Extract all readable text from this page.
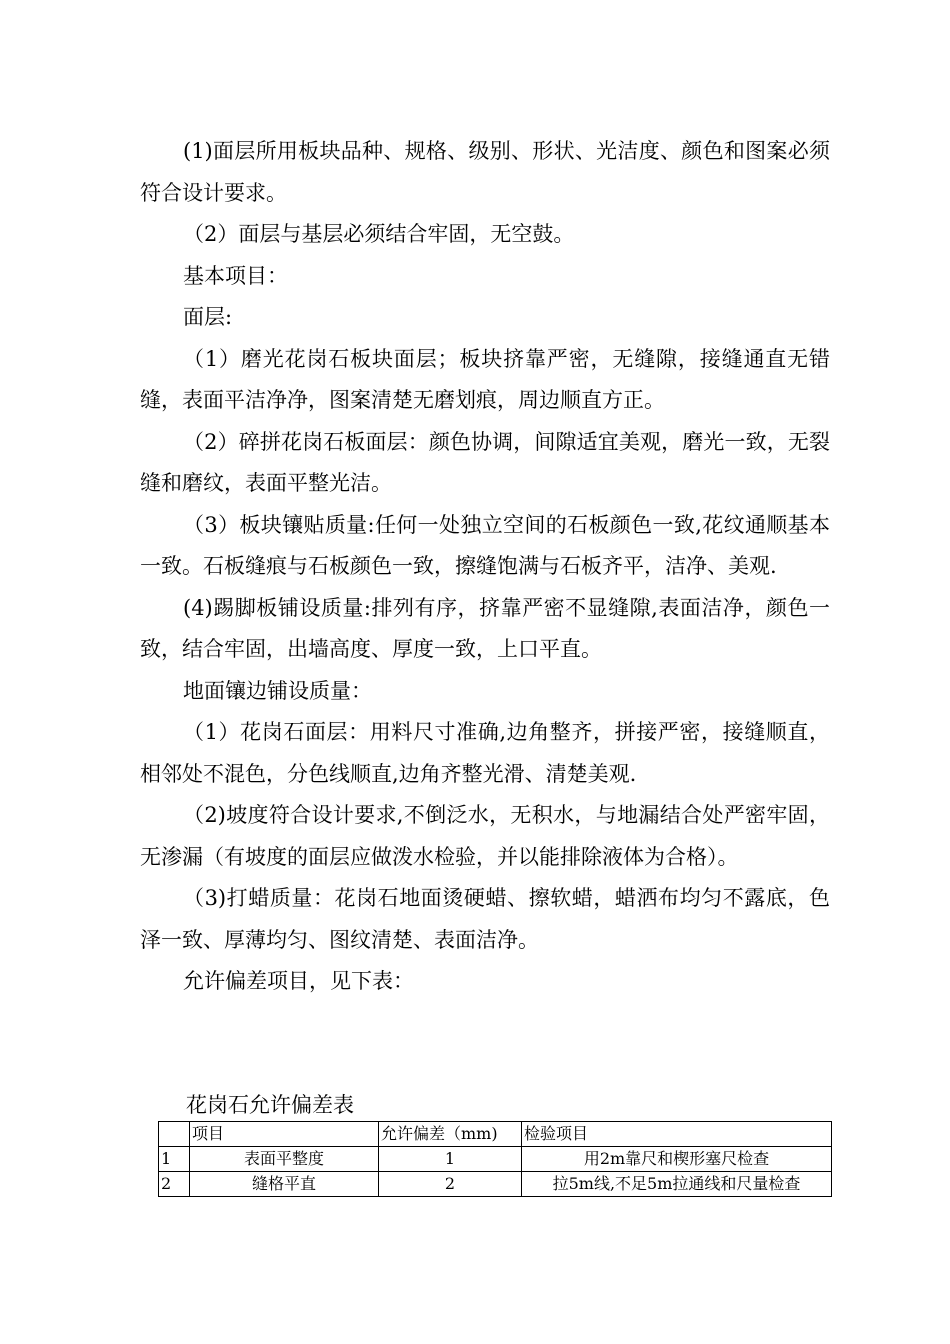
(1)面层所用板块品种、规格、级别、形状、光洁度、颜色和图案必须符合设计要求。

（2）面层与基层必须结合牢固，无空鼓。

基本项目：

面层:

（1）磨光花岗石板块面层；板块挤靠严密，无缝隙，接缝通直无错缝，表面平洁净净，图案清楚无磨划痕，周边顺直方正。

（2）碎拼花岗石板面层：颜色协调，间隙适宜美观，磨光一致，无裂缝和磨纹，表面平整光洁。

（3）板块镶贴质量:任何一处独立空间的石板颜色一致,花纹通顺基本一致。石板缝痕与石板颜色一致，擦缝饱满与石板齐平，洁净、美观.

(4)踢脚板铺设质量:排列有序，挤靠严密不显缝隙,表面洁净，颜色一致，结合牢固，出墙高度、厚度一致，上口平直。

地面镶边铺设质量：

（1）花岗石面层：用料尺寸准确,边角整齐，拼接严密，接缝顺直，相邻处不混色，分色线顺直,边角齐整光滑、清楚美观.

（2)坡度符合设计要求,不倒泛水，无积水，与地漏结合处严密牢固，无渗漏（有坡度的面层应做泼水检验，并以能排除液体为合格）。

（3)打蜡质量：花岗石地面烫硬蜡、擦软蜡，蜡洒布均匀不露底，色泽一致、厚薄均匀、图纹清楚、表面洁净。

允许偏差项目，见下表：

花岗石允许偏差表

	项目	允许偏差（mm)	检验项目
1	表面平整度	1	用2m靠尺和楔形塞尺检查
2	缝格平直	2	拉5m线,不足5m拉通线和尺量检查
